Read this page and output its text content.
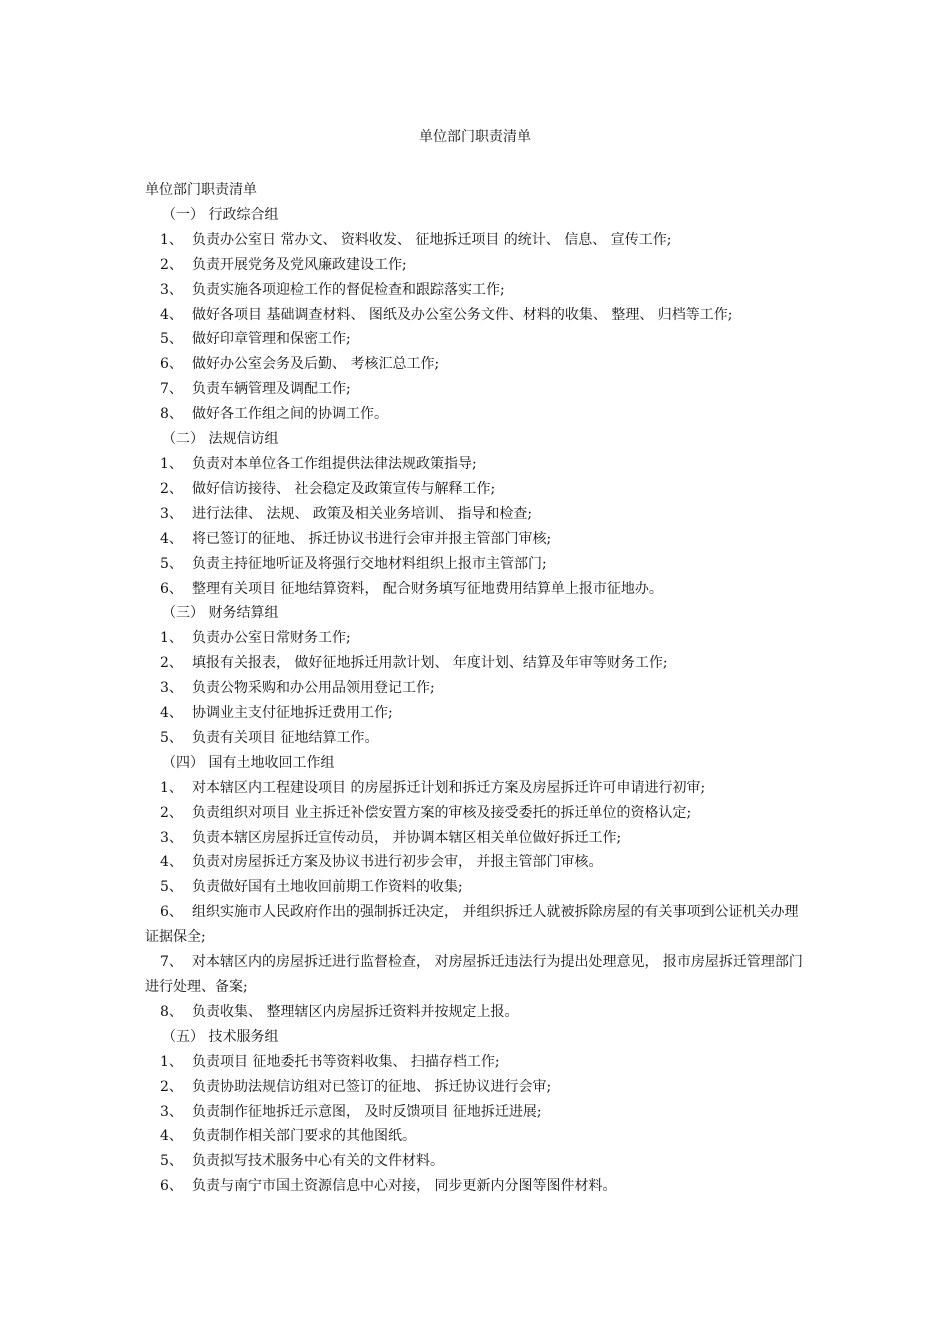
单位部门职责清单
单位部门职责清单
（一） 行政综合组
1、 负责办公室日 常办文、 资料收发、 征地拆迁项目 的统计、 信息、 宣传工作;
2、 负责开展党务及党风廉政建设工作;
3、 负责实施各项迎检工作的督促检查和跟踪落实工作;
4、 做好各项目 基础调查材料、 图纸及办公室公务文件、材料的收集、 整理、 归档等工作;
5、 做好印章管理和保密工作;
6、 做好办公室会务及后勤、 考核汇总工作;
7、 负责车辆管理及调配工作;
8、 做好各工作组之间的协调工作。
（二） 法规信访组
1、 负责对本单位各工作组提供法律法规政策指导;
2、 做好信访接待、 社会稳定及政策宣传与解释工作;
3、 进行法律、 法规、 政策及相关业务培训、 指导和检查;
4、 将已签订的征地、 拆迁协议书进行会审并报主管部门审核;
5、 负责主持征地听证及将强行交地材料组织上报市主管部门;
6、 整理有关项目 征地结算资料， 配合财务填写征地费用结算单上报市征地办。
（三） 财务结算组
1、 负责办公室日常财务工作;
2、 填报有关报表， 做好征地拆迁用款计划、 年度计划、结算及年审等财务工作;
3、 负责公物采购和办公用品领用登记工作;
4、 协调业主支付征地拆迁费用工作;
5、 负责有关项目 征地结算工作。
（四） 国有土地收回工作组
1、 对本辖区内工程建设项目 的房屋拆迁计划和拆迁方案及房屋拆迁许可申请进行初审;
2、 负责组织对项目 业主拆迁补偿安置方案的审核及接受委托的拆迁单位的资格认定;
3、 负责本辖区房屋拆迁宣传动员， 并协调本辖区相关单位做好拆迁工作;
4、 负责对房屋拆迁方案及协议书进行初步会审， 并报主管部门审核。
5、 负责做好国有土地收回前期工作资料的收集;
6、 组织实施市人民政府作出的强制拆迁决定， 并组织拆迁人就被拆除房屋的有关事项到公证机关办理证据保全;
7、 对本辖区内的房屋拆迁进行监督检查， 对房屋拆迁违法行为提出处理意见， 报市房屋拆迁管理部门进行处理、备案;
8、 负责收集、 整理辖区内房屋拆迁资料并按规定上报。
（五） 技术服务组
1、 负责项目 征地委托书等资料收集、 扫描存档工作;
2、 负责协助法规信访组对已签订的征地、 拆迁协议进行会审;
3、 负责制作征地拆迁示意图， 及时反馈项目 征地拆迁进展;
4、 负责制作相关部门要求的其他图纸。
5、 负责拟写技术服务中心有关的文件材料。
6、 负责与南宁市国土资源信息中心对接， 同步更新内分图等图件材料。
